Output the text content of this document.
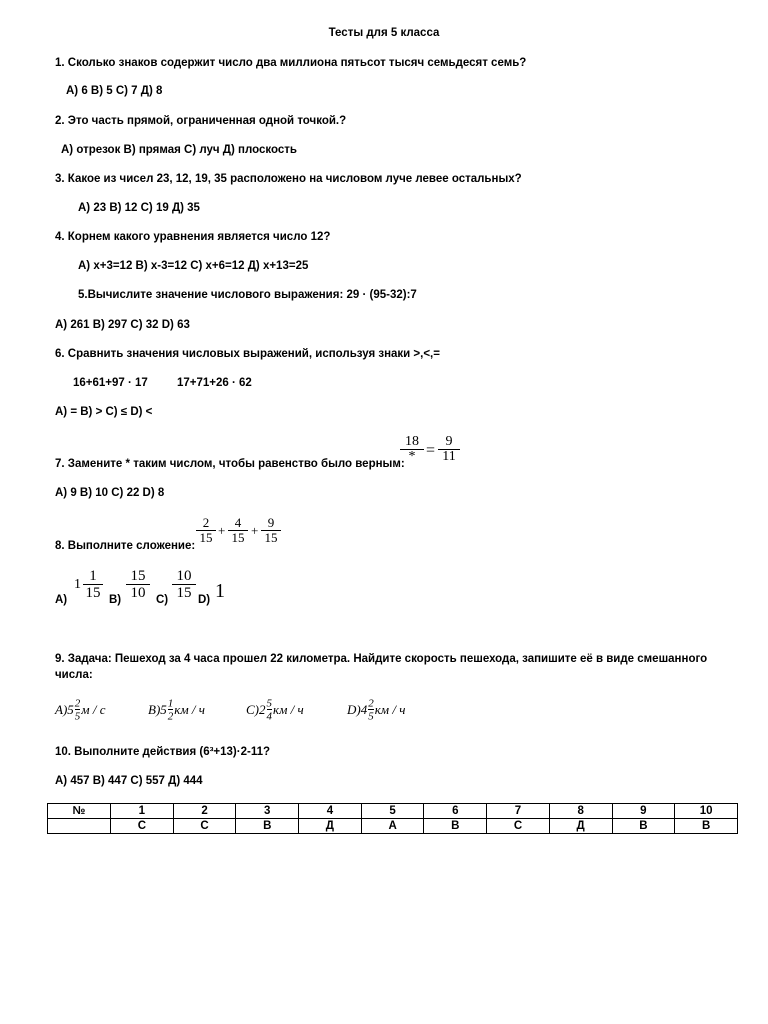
Тесты для 5 класса
1. Сколько знаков содержит число два миллиона пятьсот тысяч семьдесят семь?
А) 6 В) 5 С) 7 Д) 8
2. Это часть прямой, ограниченная одной точкой.?
А) отрезок В) прямая С) луч Д) плоскость
3. Какое из чисел 23, 12, 19, 35 расположено на числовом луче левее остальных?
А) 23 В) 12 С) 19 Д) 35
4. Корнем какого уравнения является число 12?
А) х+3=12 В) х-3=12 С) х+6=12 Д) х+13=25
5.Вычислите значение числового выражения: 29 · (95-32):7
А) 261 В) 297 С) 32 D) 63
6. Сравнить значения числовых выражений, используя знаки >,<,=
16+61+97 · 17	17+71+26 · 62
А) = В) > С) ≤ D) <
18
* =
9
11
7. Замените * таким числом, чтобы равенство было верным:
А) 9 В) 10 С) 22 D) 8
2
15 +
4
15 +
9
15
8. Выполните сложение:
А)
1
1
15 В)
15
10 С)
10
15 D) 1
9. Задача: Пешеход за 4 часа прошел 22 километра. Найдите скорость пешехода, запишите её в виде смешанного числа:
$A)5\frac{2}{5}м$ / с	$B)5\frac{1}{2}км$ / ч	$C)2\frac{5}{4}км$ / ч	$D)4\frac{2}{5}км$ / ч
10. Выполните действия (6³+13)·2-11?
А) 457 В) 447 С) 557 Д) 444
№	1	2	3	4	5	6	7	8	9	10
	С	С	В	Д	А	В	С	Д	В	В
